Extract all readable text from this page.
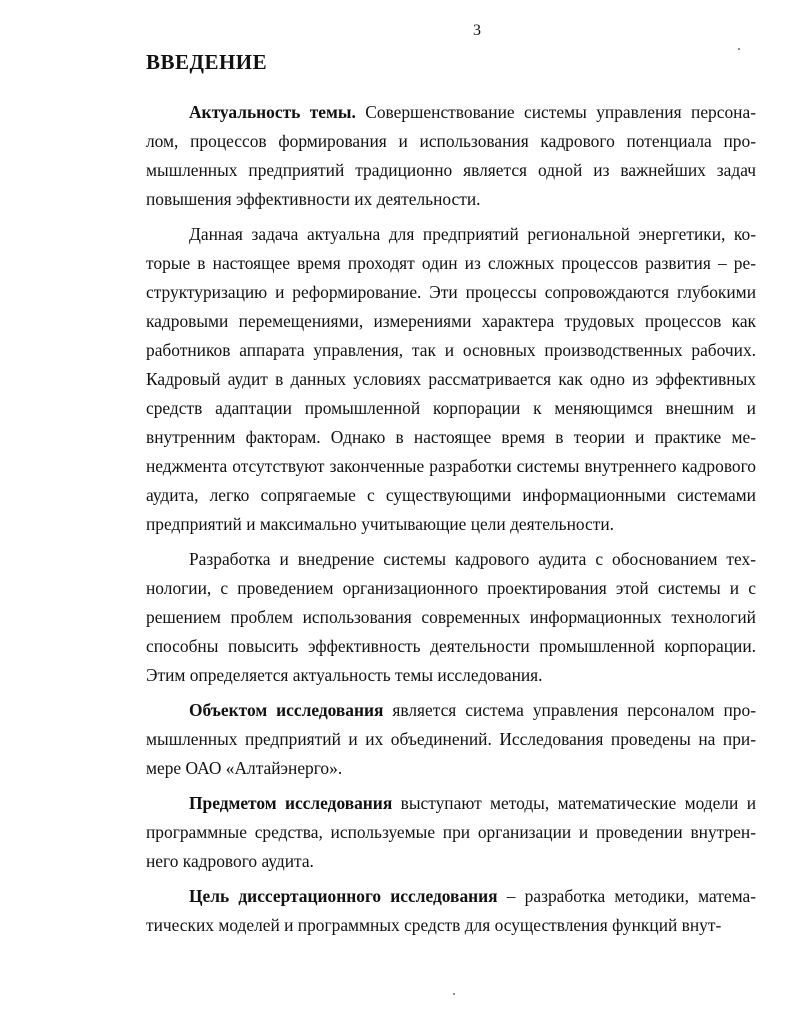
3
ВВЕДЕНИЕ

Актуальность темы. Совершенствование системы управления персоналом, процессов формирования и использования кадрового потенциала промышленных предприятий традиционно является одной из важнейших задач повышения эффективности их деятельности.

Данная задача актуальна для предприятий региональной энергетики, которые в настоящее время проходят один из сложных процессов развития – реструктуризацию и реформирование. Эти процессы сопровождаются глубокими кадровыми перемещениями, измерениями характера трудовых процессов как работников аппарата управления, так и основных производственных рабочих. Кадровый аудит в данных условиях рассматривается как одно из эффективных средств адаптации промышленной корпорации к меняющимся внешним и внутренним факторам. Однако в настоящее время в теории и практике менеджмента отсутствуют законченные разработки системы внутреннего кадрового аудита, легко сопрягаемые с существующими информационными системами предприятий и максимально учитывающие цели деятельности.

Разработка и внедрение системы кадрового аудита с обоснованием технологии, с проведением организационного проектирования этой системы и с решением проблем использования современных информационных технологий способны повысить эффективность деятельности промышленной корпорации. Этим определяется актуальность темы исследования.

Объектом исследования является система управления персоналом промышленных предприятий и их объединений. Исследования проведены на примере ОАО «Алтайэнерго».

Предметом исследования выступают методы, математические модели и программные средства, используемые при организации и проведении внутреннего кадрового аудита.

Цель диссертационного исследования – разработка методики, математических моделей и программных средств для осуществления функций внут-
